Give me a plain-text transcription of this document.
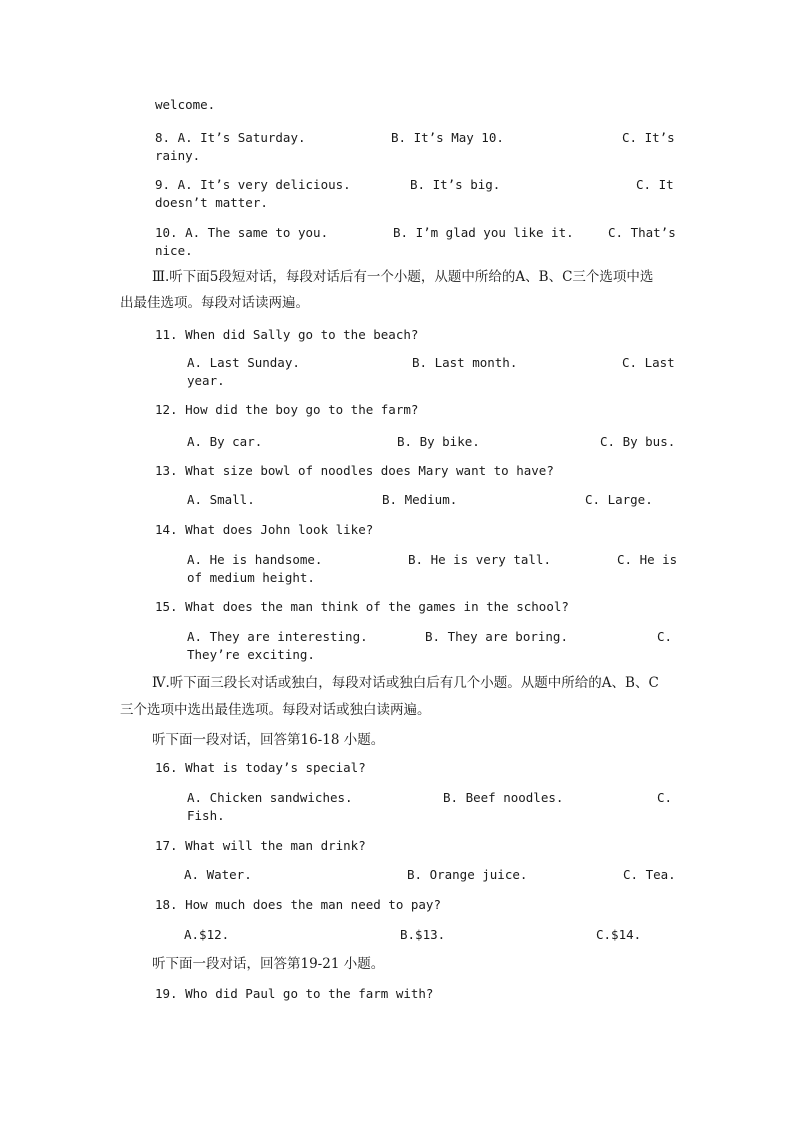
welcome.
8. A. It’s Saturday.	B. It’s May 10.	C. It’s
rainy.
9. A. It’s very delicious.	B. It’s big.	C. It
doesn’t matter.
10. A. The same to you.	B. I’m glad you like it.	C. That’s
nice.
Ⅲ.听下面5段短对话，每段对话后有一个小题，从题中所给的A、B、C三个选项中选
出最佳选项。每段对话读两遍。
11. When did Sally go to the beach?
A. Last Sunday.	B. Last month.	C. Last
year.
12. How did the boy go to the farm?
A. By car.	B. By bike.	C. By bus.
13. What size bowl of noodles does Mary want to have?
A. Small.	B. Medium.	C. Large.
14. What does John look like?
A. He is handsome.	B. He is very tall.	C. He is
of medium height.
15. What does the man think of the games in the school?
A. They are interesting.	B. They are boring.	C.
They’re exciting.
Ⅳ.听下面三段长对话或独白，每段对话或独白后有几个小题。从题中所给的A、B、C
三个选项中选出最佳选项。每段对话或独白读两遍。
听下面一段对话，回答第16-18 小题。
16. What is today’s special?
A. Chicken sandwiches.	B. Beef noodles.	C.
Fish.
17. What will the man drink?
A. Water.	B. Orange juice.	C. Tea.
18. How much does the man need to pay?
A.$12.	B.$13.	C.$14.
听下面一段对话，回答第19-21 小题。
19. Who did Paul go to the farm with?
